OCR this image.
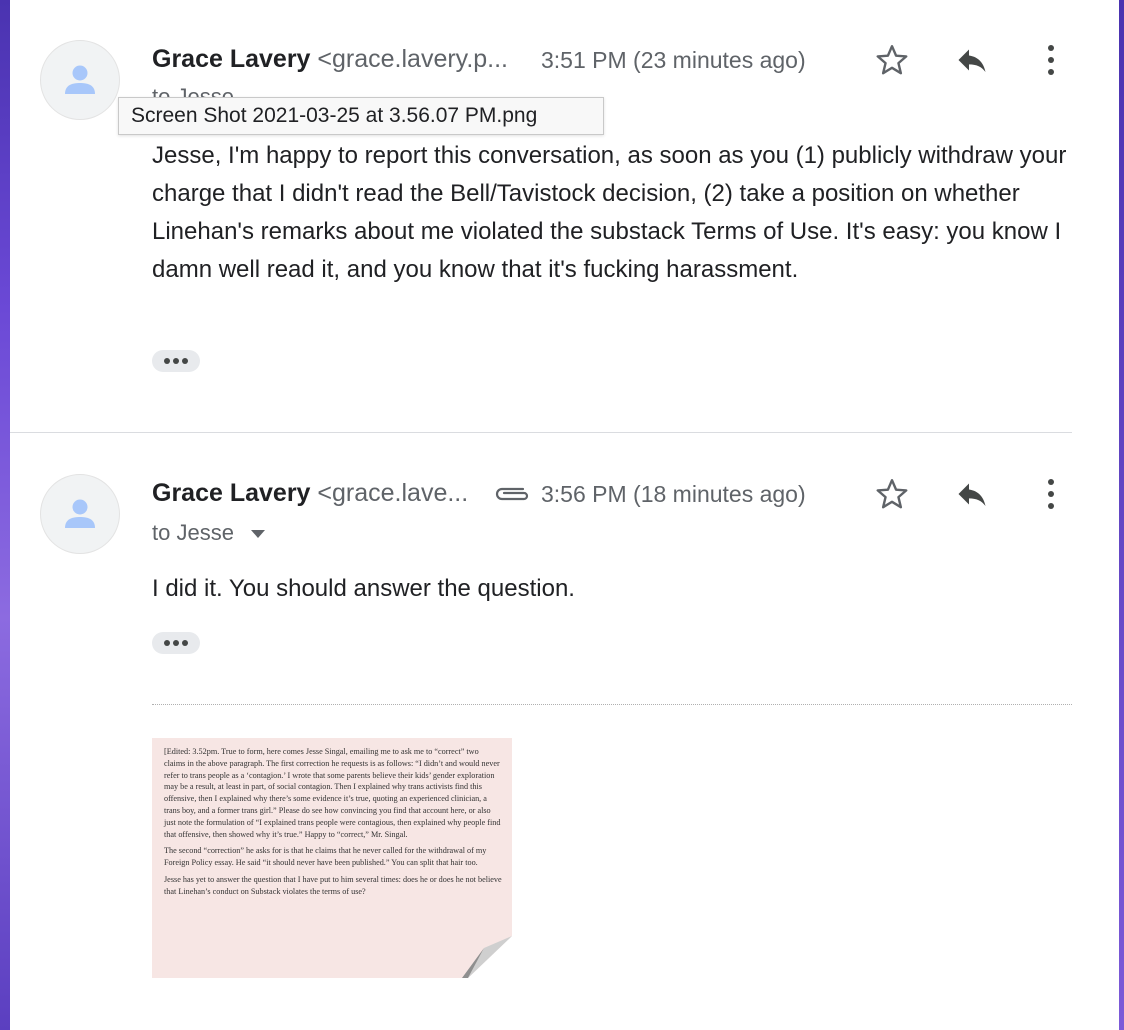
Grace Lavery <grace.lavery.p... 3:51 PM (23 minutes ago)
Jesse, I'm happy to report this conversation, as soon as you (1) publicly withdraw your charge that I didn't read the Bell/Tavistock decision, (2) take a position on whether Linehan's remarks about me violated the substack Terms of Use. It's easy: you know I damn well read it, and you know that it's fucking harassment.
Screen Shot 2021-03-25 at 3.56.07 PM.png
Grace Lavery <grace.lave...	3:56 PM (18 minutes ago)
to Jesse
I did it. You should answer the question.

[Edited: 3.52pm. True to form, here comes Jesse Singal, emailing me to ask me to “correct” two claims in the above paragraph. The first correction he requests is as follows: “I didn’t and would never refer to trans people as a ‘contagion.’ I wrote that some parents believe their kids’ gender exploration may be a result, at least in part, of social contagion. Then I explained why trans activists find this offensive, then I explained why there’s some evidence it’s true, quoting an experienced clinician, a trans boy, and a former trans girl.” Please do see how convincing you find that account here, or also just note the formulation of “I explained trans people were contagious, then explained why people find that offensive, then showed why it’s true.” Happy to “correct,” Mr. Singal.

The second “correction” he asks for is that he claims that he never called for the withdrawal of my Foreign Policy essay. He said “it should never have been published.” You can split that hair too.

Jesse has yet to answer the question that I have put to him several times: does he or does he not believe that Linehan’s conduct on Substack violates the terms of use?
